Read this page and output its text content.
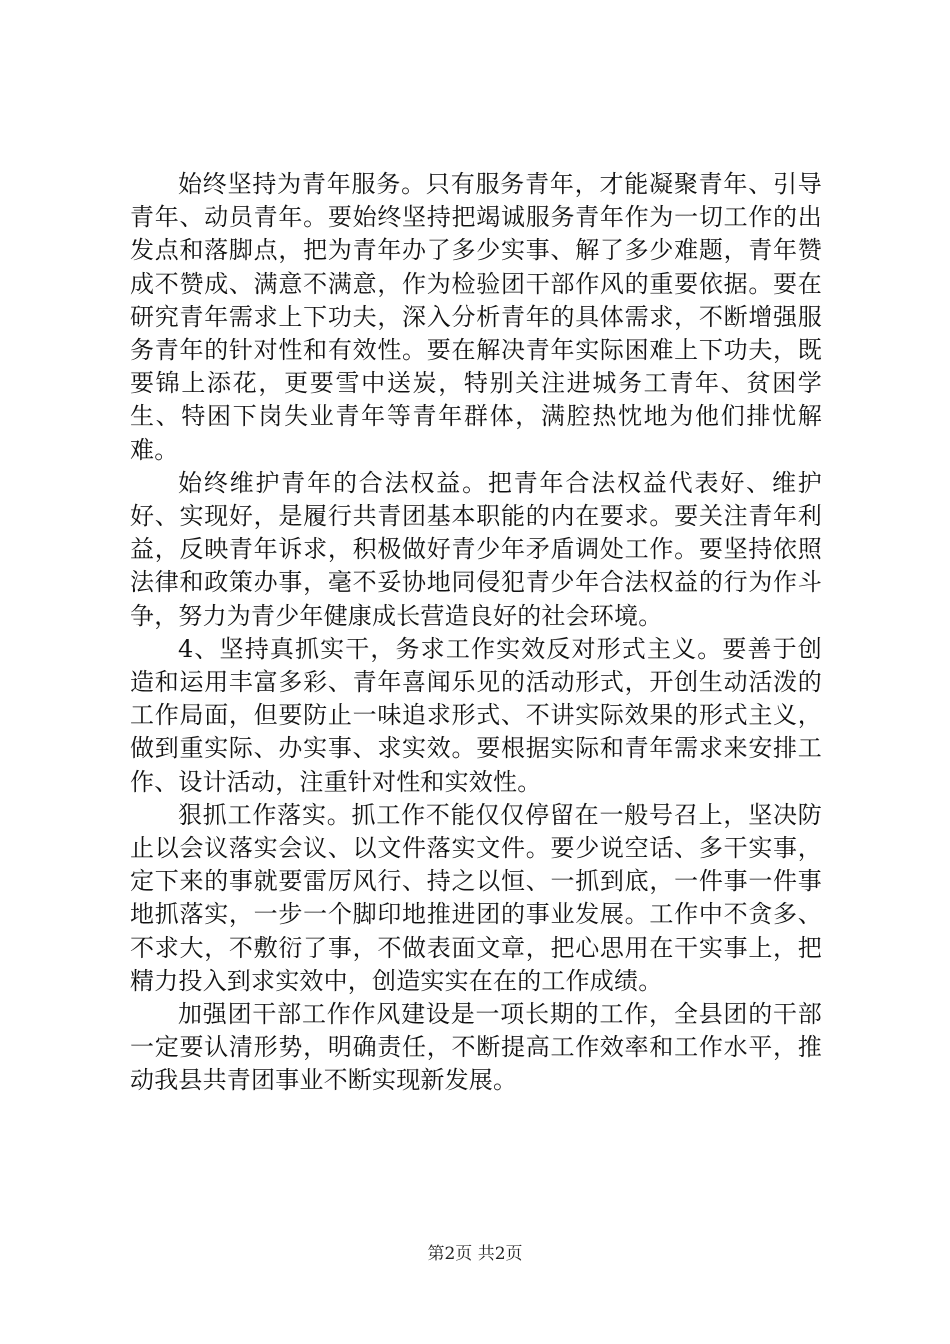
始终坚持为青年服务。只有服务青年，才能凝聚青年、引导青年、动员青年。要始终坚持把竭诚服务青年作为一切工作的出发点和落脚点，把为青年办了多少实事、解了多少难题，青年赞成不赞成、满意不满意，作为检验团干部作风的重要依据。要在研究青年需求上下功夫，深入分析青年的具体需求，不断增强服务青年的针对性和有效性。要在解决青年实际困难上下功夫，既要锦上添花，更要雪中送炭，特别关注进城务工青年、贫困学生、特困下岗失业青年等青年群体，满腔热忱地为他们排忧解难。

始终维护青年的合法权益。把青年合法权益代表好、维护好、实现好，是履行共青团基本职能的内在要求。要关注青年利益，反映青年诉求，积极做好青少年矛盾调处工作。要坚持依照法律和政策办事，毫不妥协地同侵犯青少年合法权益的行为作斗争，努力为青少年健康成长营造良好的社会环境。

4、坚持真抓实干，务求工作实效反对形式主义。要善于创造和运用丰富多彩、青年喜闻乐见的活动形式，开创生动活泼的工作局面，但要防止一味追求形式、不讲实际效果的形式主义，做到重实际、办实事、求实效。要根据实际和青年需求来安排工作、设计活动，注重针对性和实效性。

狠抓工作落实。抓工作不能仅仅停留在一般号召上，坚决防止以会议落实会议、以文件落实文件。要少说空话、多干实事，定下来的事就要雷厉风行、持之以恒、一抓到底，一件事一件事地抓落实，一步一个脚印地推进团的事业发展。工作中不贪多、不求大，不敷衍了事，不做表面文章，把心思用在干实事上，把精力投入到求实效中，创造实实在在的工作成绩。

加强团干部工作作风建设是一项长期的工作，全县团的干部一定要认清形势，明确责任，不断提高工作效率和工作水平，推动我县共青团事业不断实现新发展。

第2页 共2页
